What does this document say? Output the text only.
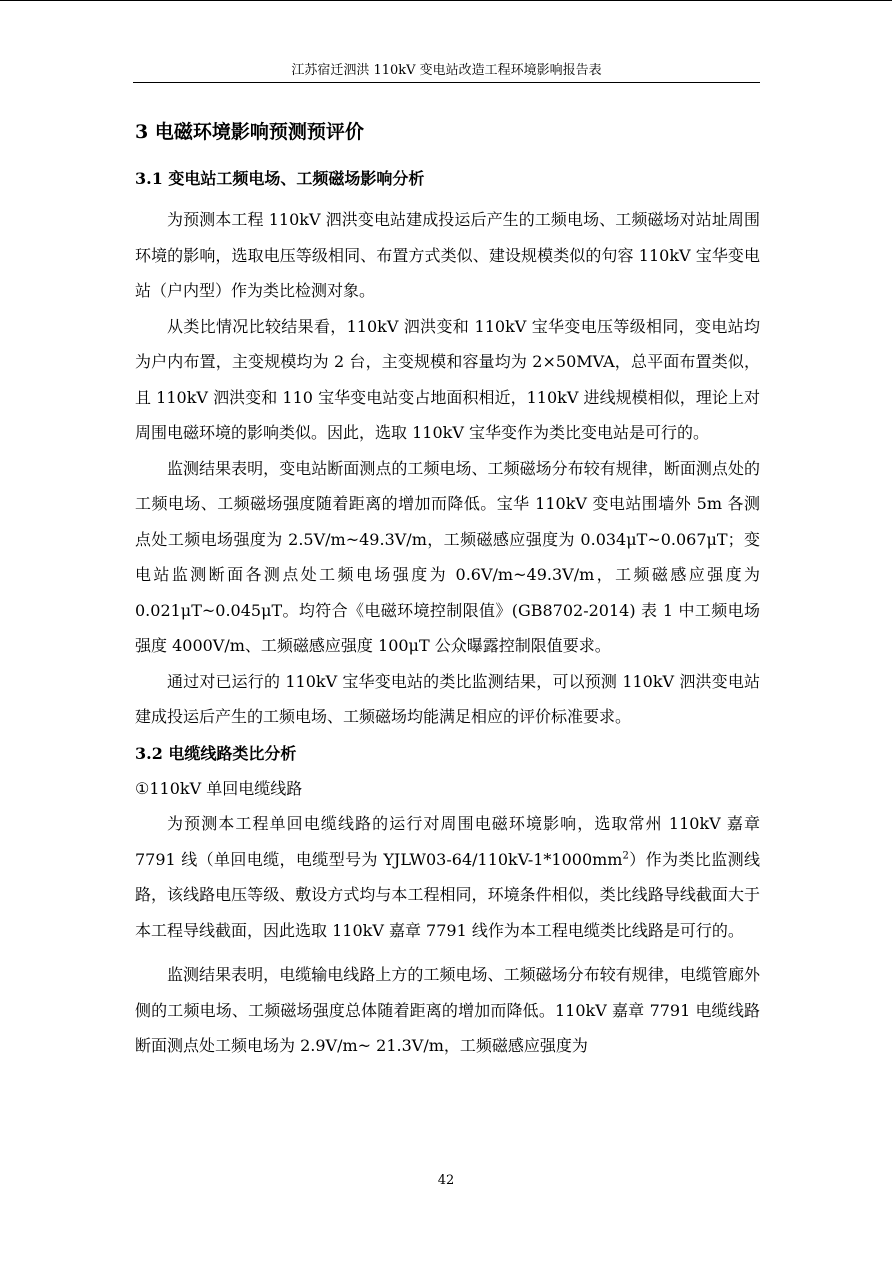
江苏宿迁泗洪 110kV 变电站改造工程环境影响报告表
3 电磁环境影响预测预评价
3.1 变电站工频电场、工频磁场影响分析

为预测本工程 110kV 泗洪变电站建成投运后产生的工频电场、工频磁场对站址周围环境的影响，选取电压等级相同、布置方式类似、建设规模类似的句容 110kV 宝华变电站（户内型）作为类比检测对象。

从类比情况比较结果看，110kV 泗洪变和 110kV 宝华变电压等级相同，变电站均为户内布置，主变规模均为 2 台，主变规模和容量均为 2×50MVA，总平面布置类似，且 110kV 泗洪变和 110 宝华变电站变占地面积相近，110kV 进线规模相似，理论上对周围电磁环境的影响类似。因此，选取 110kV 宝华变作为类比变电站是可行的。

监测结果表明，变电站断面测点的工频电场、工频磁场分布较有规律，断面测点处的工频电场、工频磁场强度随着距离的增加而降低。宝华 110kV 变电站围墙外 5m 各测点处工频电场强度为 2.5V/m~49.3V/m，工频磁感应强度为 0.034μT~0.067μT；变电站监测断面各测点处工频电场强度为 0.6V/m~49.3V/m，工频磁感应强度为 0.021μT~0.045μT。均符合《电磁环境控制限值》(GB8702-2014) 表 1 中工频电场强度 4000V/m、工频磁感应强度 100μT 公众曝露控制限值要求。

通过对已运行的 110kV 宝华变电站的类比监测结果，可以预测 110kV 泗洪变电站建成投运后产生的工频电场、工频磁场均能满足相应的评价标准要求。

3.2 电缆线路类比分析

①110kV 单回电缆线路

为预测本工程单回电缆线路的运行对周围电磁环境影响，选取常州 110kV 嘉章 7791 线（单回电缆，电缆型号为 $YJLW03-64/110kV-1*1000mm^2$）作为类比监测线路，该线路电压等级、敷设方式均与本工程相同，环境条件相似，类比线路导线截面大于本工程导线截面，因此选取 110kV 嘉章 7791 线作为本工程电缆类比线路是可行的。

监测结果表明，电缆输电线路上方的工频电场、工频磁场分布较有规律，电缆管廊外侧的工频电场、工频磁场强度总体随着距离的增加而降低。110kV 嘉章 7791 电缆线路断面测点处工频电场为 2.9V/m~ 21.3V/m，工频磁感应强度为

42
